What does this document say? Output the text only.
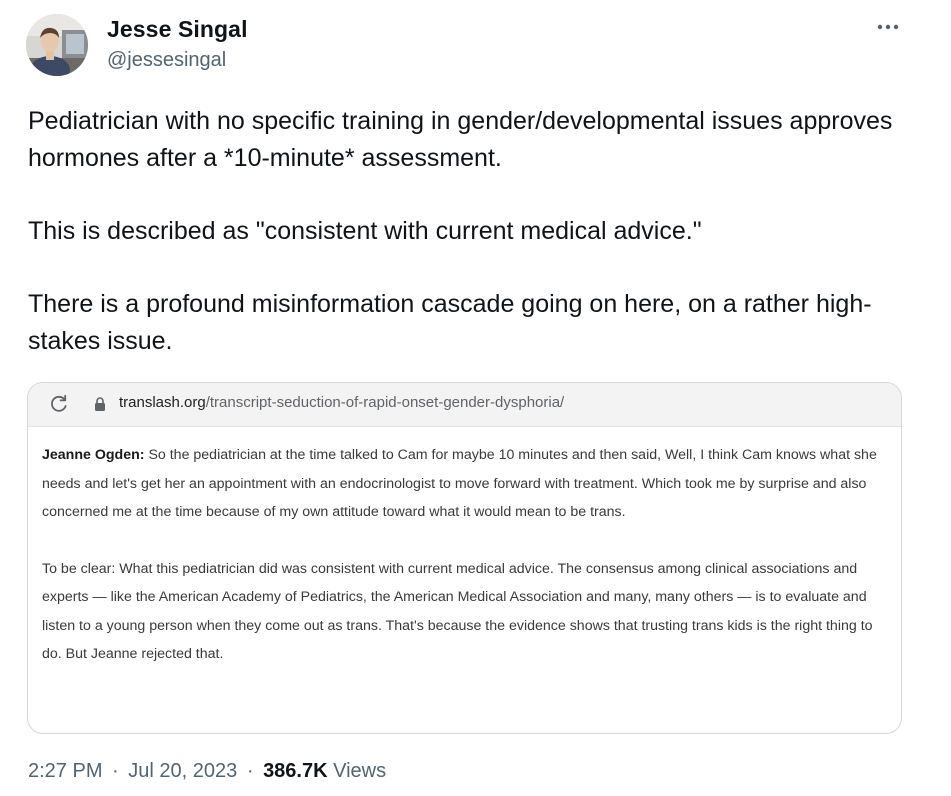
Jesse Singal
@jessesingal

Pediatrician with no specific training in gender/developmental issues approves hormones after a *10-minute* assessment.

This is described as "consistent with current medical advice."

There is a profound misinformation cascade going on here, on a rather high-stakes issue.

translash.org/transcript-seduction-of-rapid-onset-gender-dysphoria/

Jeanne Ogden: So the pediatrician at the time talked to Cam for maybe 10 minutes and then said, Well, I think Cam knows what she needs and let's get her an appointment with an endocrinologist to move forward with treatment. Which took me by surprise and also concerned me at the time because of my own attitude toward what it would mean to be trans.

To be clear: What this pediatrician did was consistent with current medical advice. The consensus among clinical associations and experts — like the American Academy of Pediatrics, the American Medical Association and many, many others — is to evaluate and listen to a young person when they come out as trans. That's because the evidence shows that trusting trans kids is the right thing to do. But Jeanne rejected that.

2:27 PM · Jul 20, 2023 · 386.7K Views
